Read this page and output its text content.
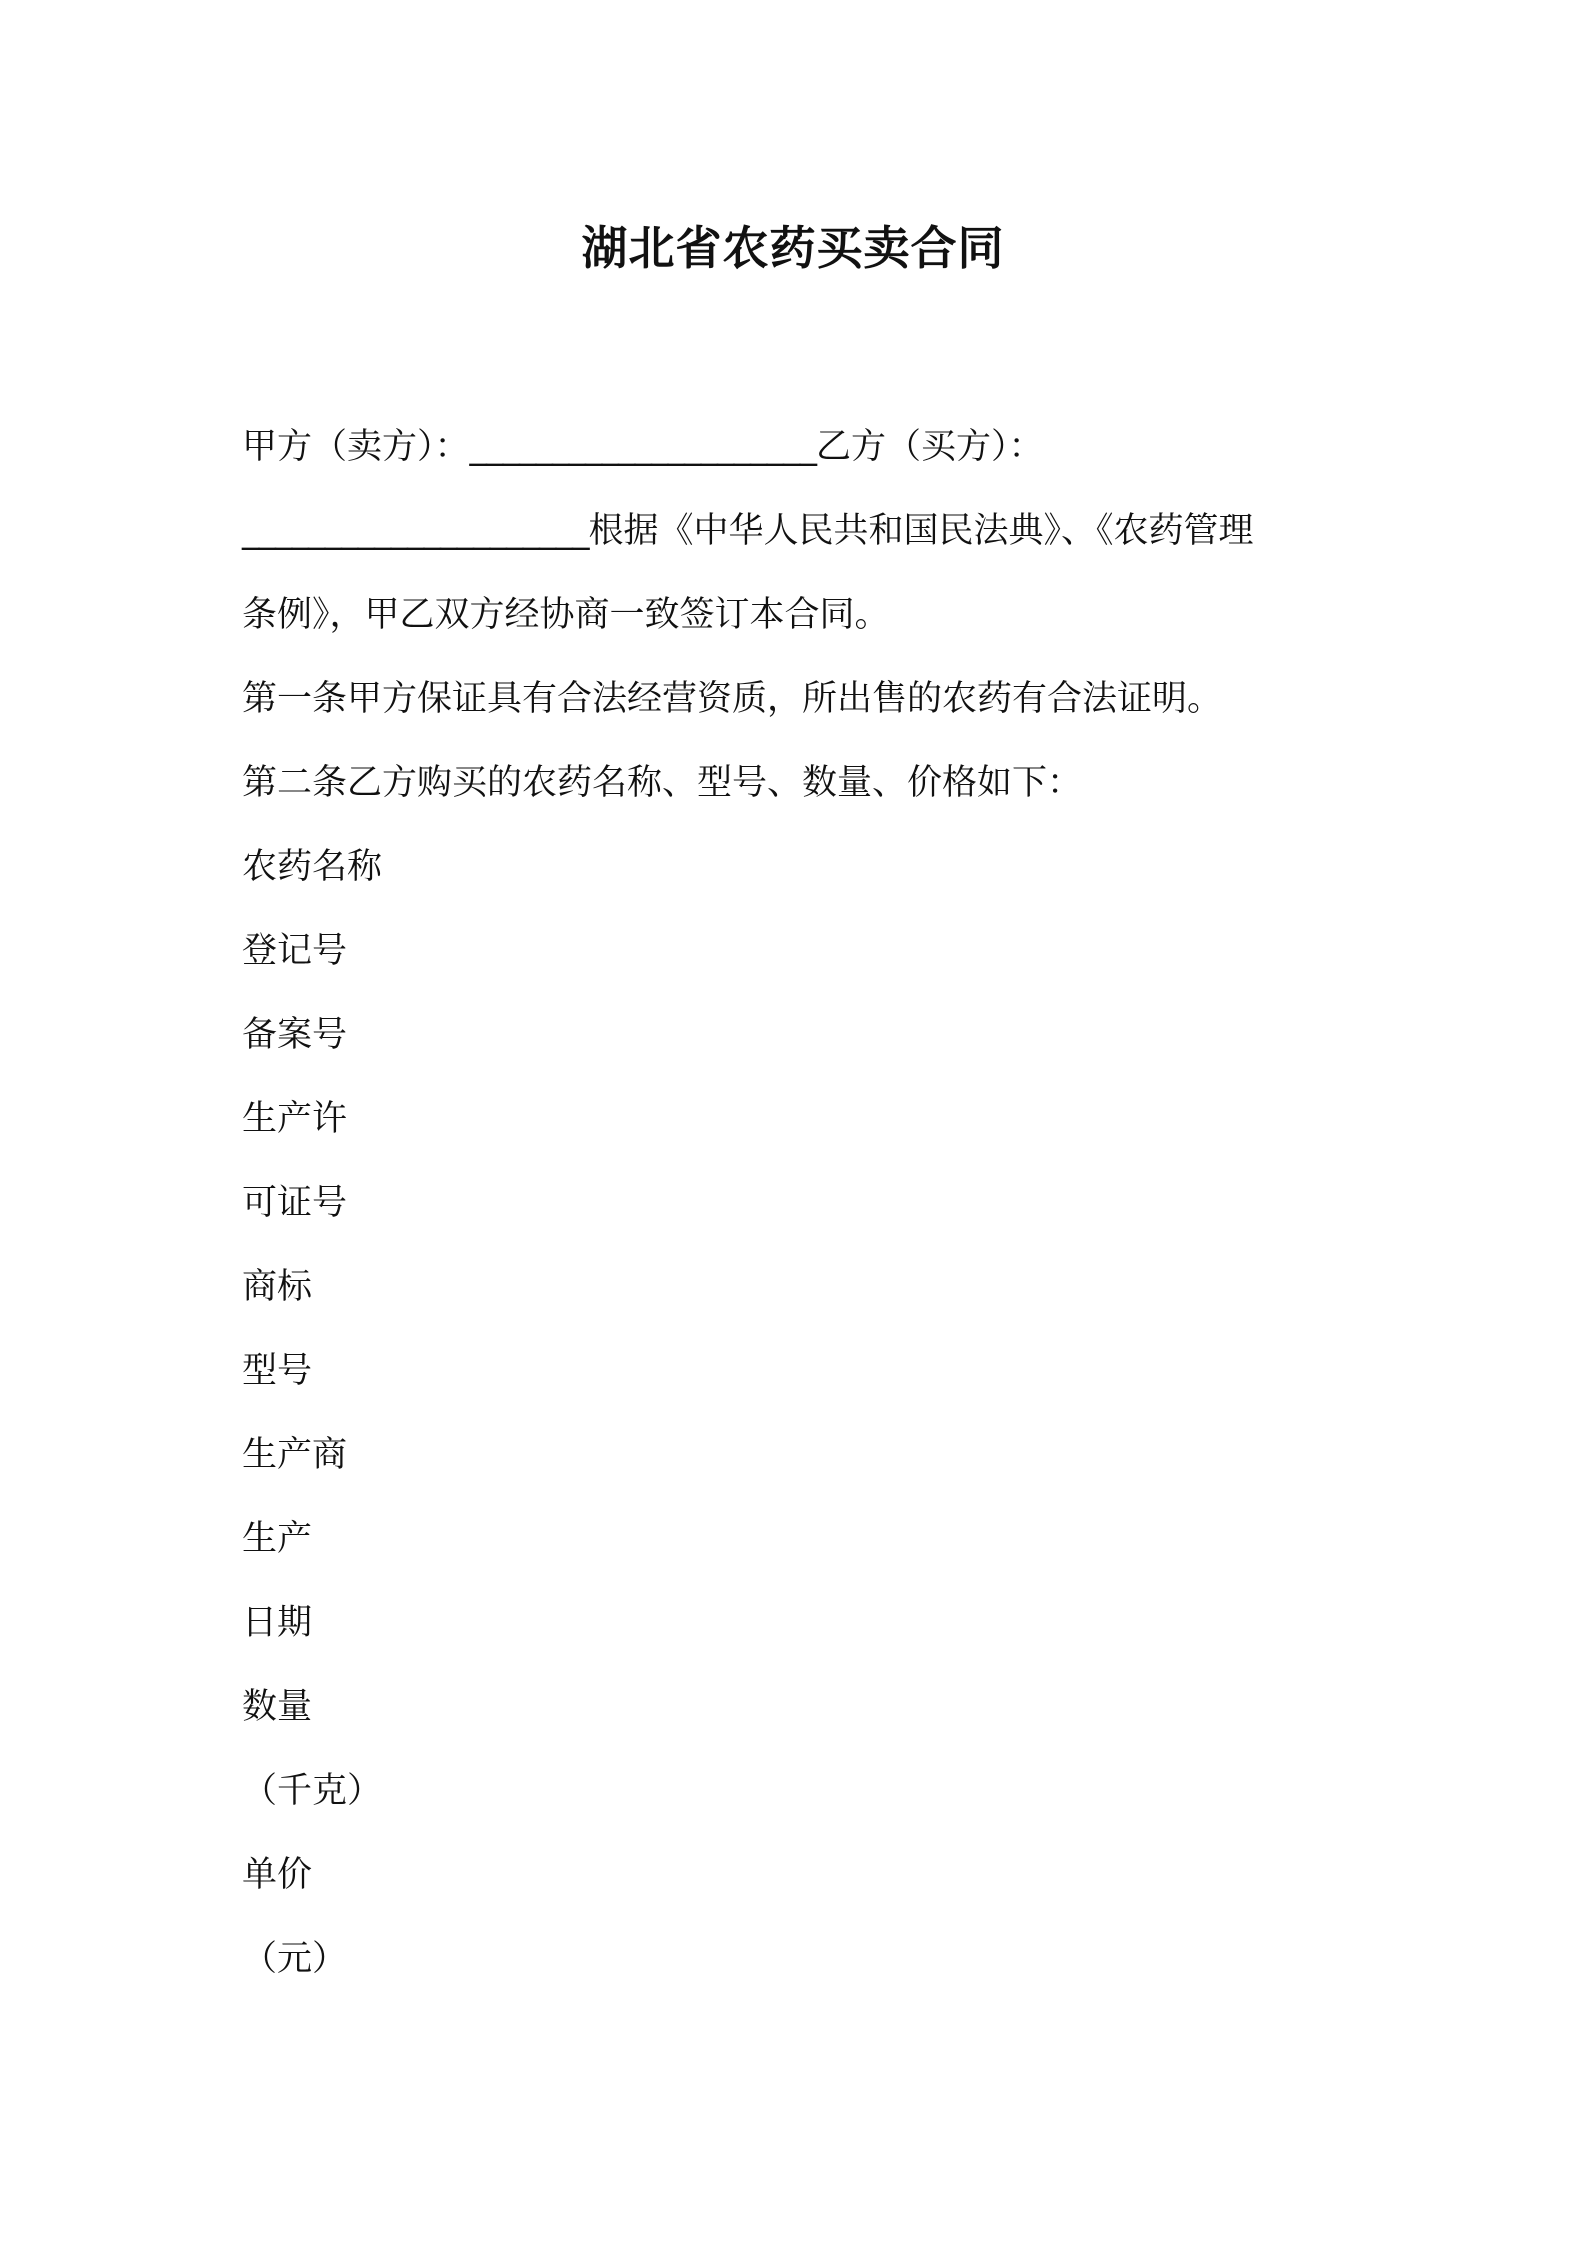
湖北省农药买卖合同
甲方（卖方）：_____________________乙方（买方）：
_____________________根据《中华人民共和国民法典》、《农药管理
条例》，甲乙双方经协商一致签订本合同。
第一条甲方保证具有合法经营资质，所出售的农药有合法证明。
第二条乙方购买的农药名称、型号、数量、价格如下：
农药名称
登记号
备案号
生产许
可证号
商标
型号
生产商
生产
日期
数量
（千克）
单价
（元）
